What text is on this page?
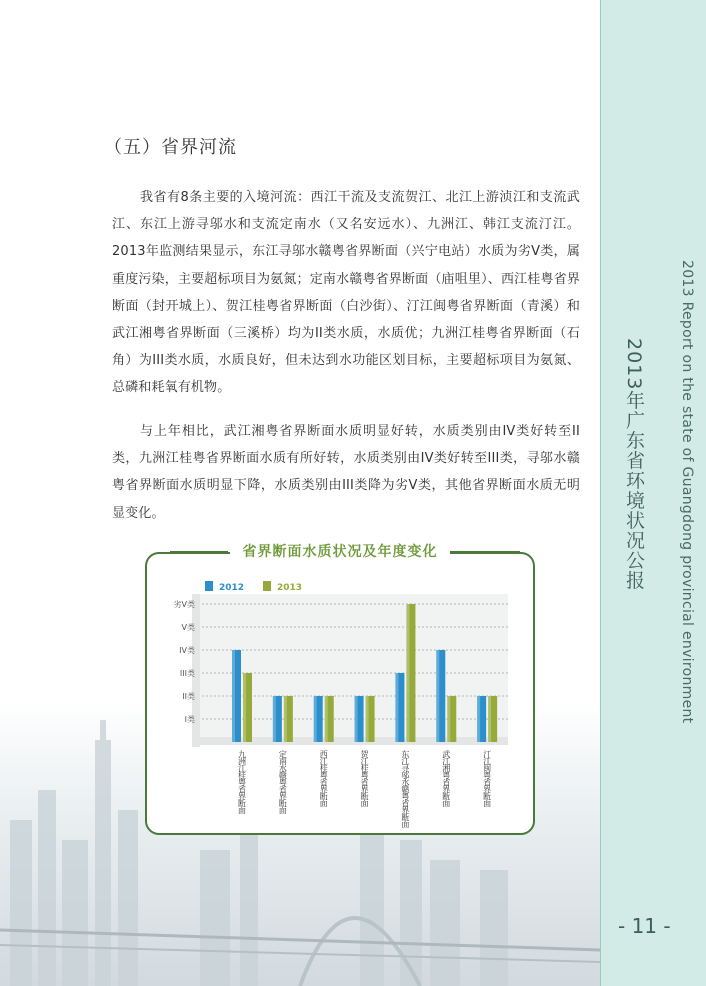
2013 Report on the state of Guangdong provincial environment
2013年广东省环境状况公报
- 11 -
（五）省界河流

我省有8条主要的入境河流：西江干流及支流贺江、北江上游浈江和支流武江、东江上游寻邬水和支流定南水（又名安远水）、九洲江、韩江支流汀江。2013年监测结果显示，东江寻邬水赣粤省界断面（兴宁电站）水质为劣V类，属重度污染，主要超标项目为氨氮；定南水赣粤省界断面（庙咀里）、西江桂粤省界断面（封开城上）、贺江桂粤省界断面（白沙街）、汀江闽粤省界断面（青溪）和武江湘粤省界断面（三溪桥）均为II类水质，水质优；九洲江桂粤省界断面（石角）为III类水质，水质良好，但未达到水功能区划目标，主要超标项目为氨氮、总磷和耗氧有机物。

与上年相比，武江湘粤省界断面水质明显好转，水质类别由IV类好转至II类，九洲江桂粤省界断面水质有所好转，水质类别由IV类好转至III类，寻邬水赣粤省界断面水质明显下降，水质类别由III类降为劣V类，其他省界断面水质无明显变化。

省界断面水质状况及年度变化
I类
II类
III类
IV类
V类
劣V类
2012	2013
九洲江桂粤省界断面	定南水赣粤省界断面	西江桂粤省界断面	贺江桂粤省界断面	东江寻邬水赣粤省界断面	武江湘粤省界断面	汀江闽粤省界断面
